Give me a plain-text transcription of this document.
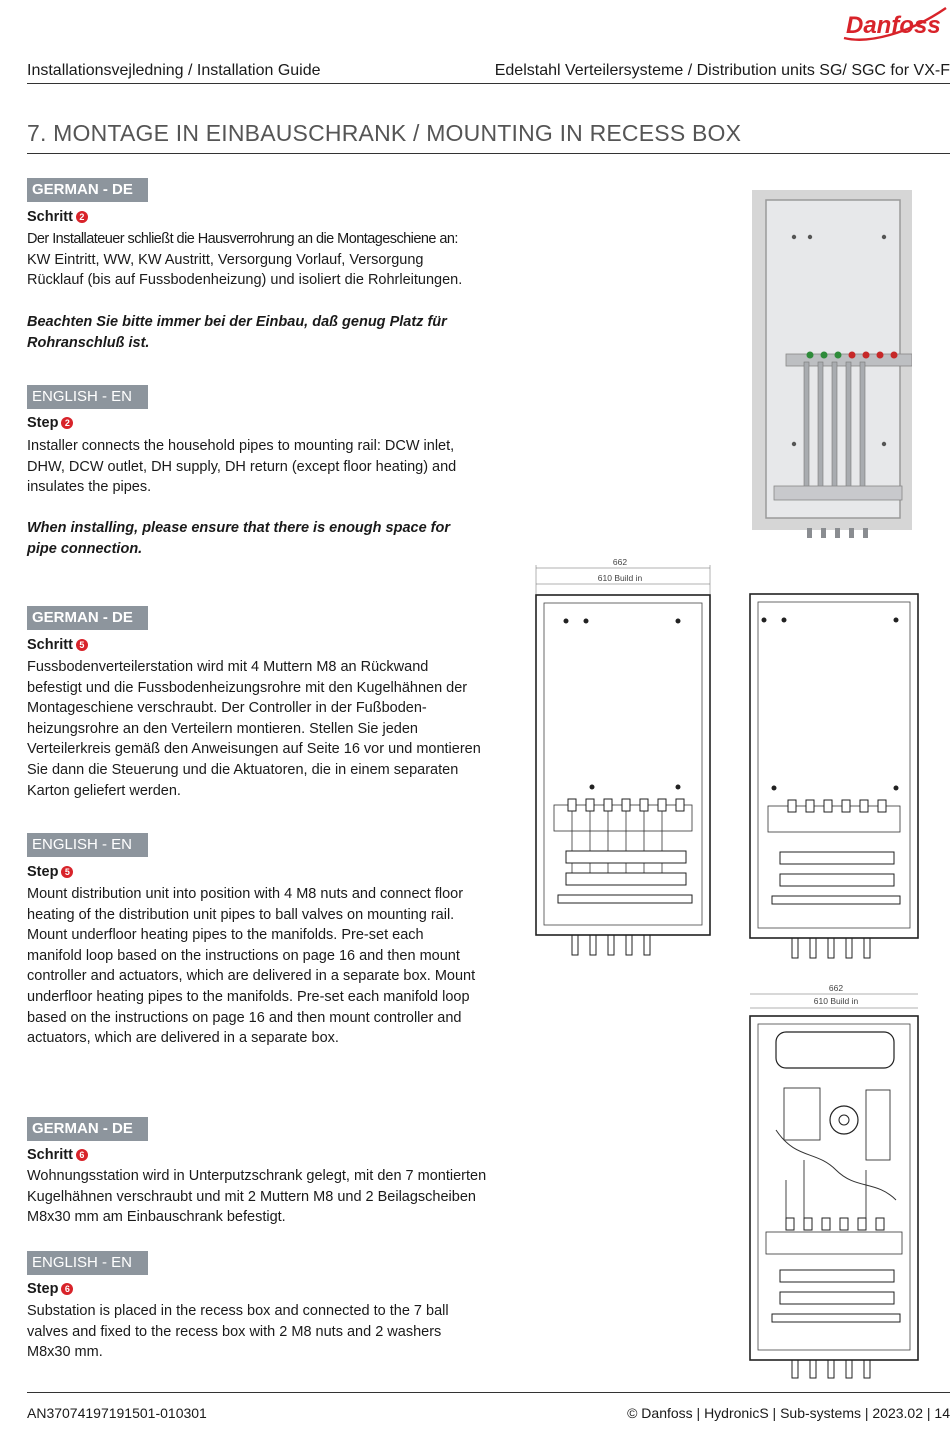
Danfoss
Installationsvejledning / Installation Guide	Edelstahl Verteilersysteme / Distribution units SG/ SGC for VX-F
7. MONTAGE IN EINBAUSCHRANK / MOUNTING IN RECESS BOX
GERMAN - DE
Schritt 2

Der Installateuer schließt die Hausverrohrung an die Montageschiene an:

KW Eintritt, WW, KW Austritt, Versorgung Vorlauf, Versorgung Rücklauf (bis auf Fussbodenheizung) und isoliert die Rohrleitungen.

Beachten Sie bitte immer bei der Einbau, daß genug Platz für Rohranschluß ist.
ENGLISH - EN
Step 2
Installer connects the household pipes to mounting rail: DCW inlet, DHW, DCW outlet, DH supply, DH return (except floor heating) and insulates the pipes.
When installing, please ensure that there is enough space for pipe connection.
GERMAN - DE
Schritt 5
Fussbodenverteilerstation wird mit 4 Muttern M8 an Rückwand befestigt und die Fussbodenheizungsrohre mit den Kugelhähnen der Montageschiene verschraubt. Der Controller in der Fußboden-heizungsrohre an den Verteilern montieren. Stellen Sie jeden Verteilerkreis gemäß den Anweisungen auf Seite 16 vor und montieren Sie dann die Steuerung und die Aktuatoren, die in einem separaten Karton geliefert werden.
ENGLISH - EN
Step 5
Mount distribution unit into position with 4 M8 nuts and connect floor heating of the distribution unit pipes to ball valves on mounting rail. Mount underfloor heating pipes to the manifolds. Pre-set each manifold loop based on the instructions on page 16 and then mount controller and actuators, which are delivered in a separate box. Mount underfloor heating pipes to the manifolds. Pre-set each manifold loop based on the instructions on page 16 and then mount controller and actuators, which are delivered in a separate box.
GERMAN - DE
Schritt 6
Wohnungsstation wird in Unterputzschrank gelegt, mit den 7 montierten Kugelhähnen verschraubt und mit 2 Muttern M8 und 2 Beilagscheiben M8x30 mm am Einbauschrank befestigt.
ENGLISH - EN
Step 6
Substation is placed in the recess box and connected to the 7 ball valves and fixed to the recess box with 2 M8 nuts and 2 washers M8x30 mm.
662
610 Build in
662
610 Build in
AN37074197191501-010301	© Danfoss | HydronicS | Sub-systems | 2023.02 | 14
